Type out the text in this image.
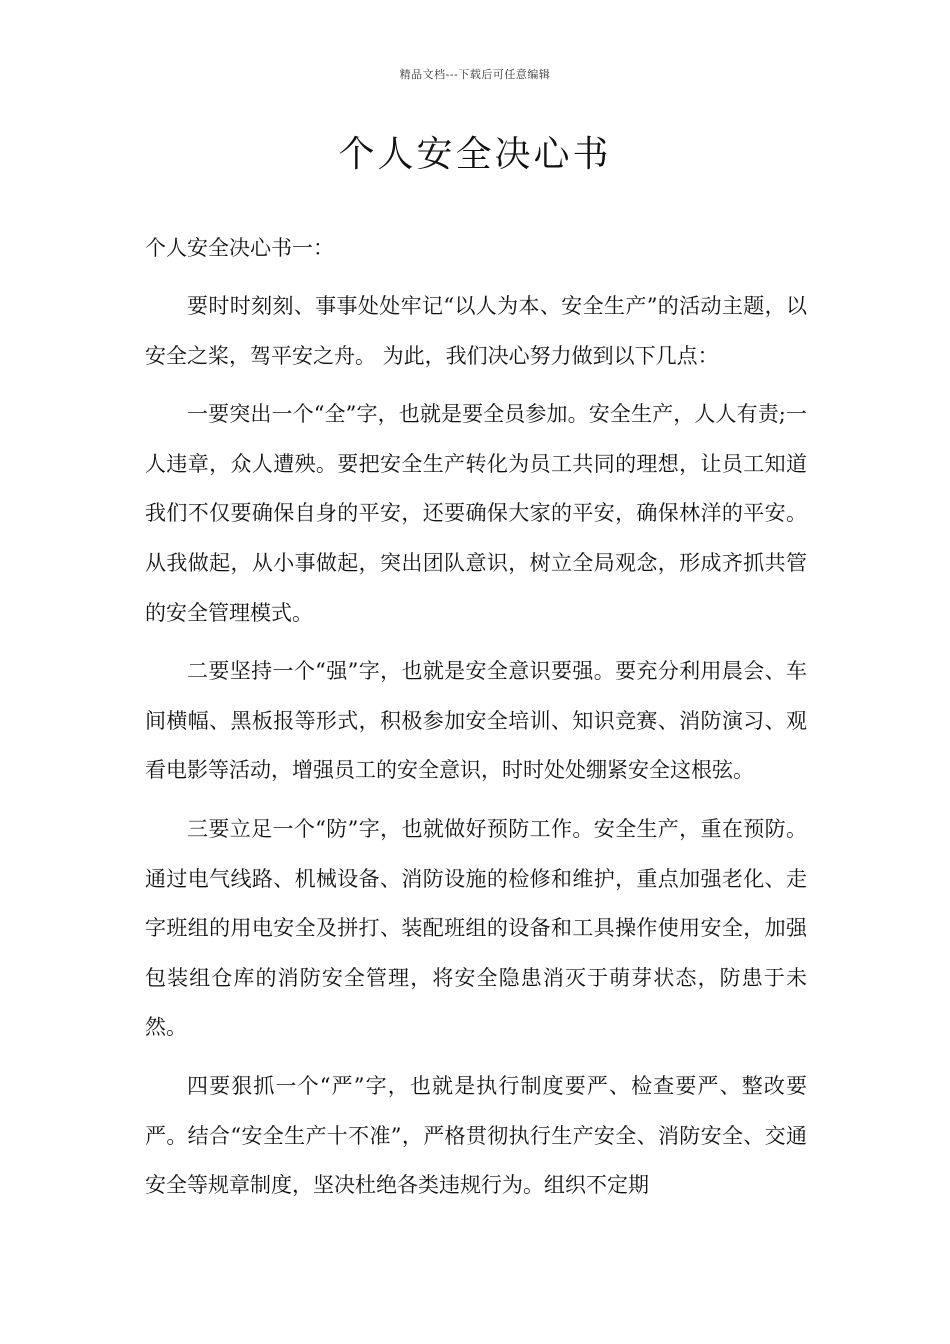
精品文档---下载后可任意编辑
个人安全决心书
个人安全决心书一：

要时时刻刻、事事处处牢记“以人为本、安全生产”的活动主题，以安全之桨，驾平安之舟。 为此，我们决心努力做到以下几点：

一要突出一个“全”字，也就是要全员参加。安全生产，人人有责;一人违章，众人遭殃。要把安全生产转化为员工共同的理想，让员工知道我们不仅要确保自身的平安，还要确保大家的平安，确保林洋的平安。从我做起，从小事做起，突出团队意识，树立全局观念，形成齐抓共管的安全管理模式。

二要坚持一个“强”字，也就是安全意识要强。要充分利用晨会、车间横幅、黑板报等形式，积极参加安全培训、知识竞赛、消防演习、观看电影等活动，增强员工的安全意识，时时处处绷紧安全这根弦。

三要立足一个“防”字，也就做好预防工作。安全生产，重在预防。通过电气线路、机械设备、消防设施的检修和维护，重点加强老化、走字班组的用电安全及拼打、装配班组的设备和工具操作使用安全，加强包装组仓库的消防安全管理，将安全隐患消灭于萌芽状态，防患于未然。

四要狠抓一个“严”字，也就是执行制度要严、检查要严、整改要严。结合“安全生产十不准”，严格贯彻执行生产安全、消防安全、交通安全等规章制度，坚决杜绝各类违规行为。组织不定期
